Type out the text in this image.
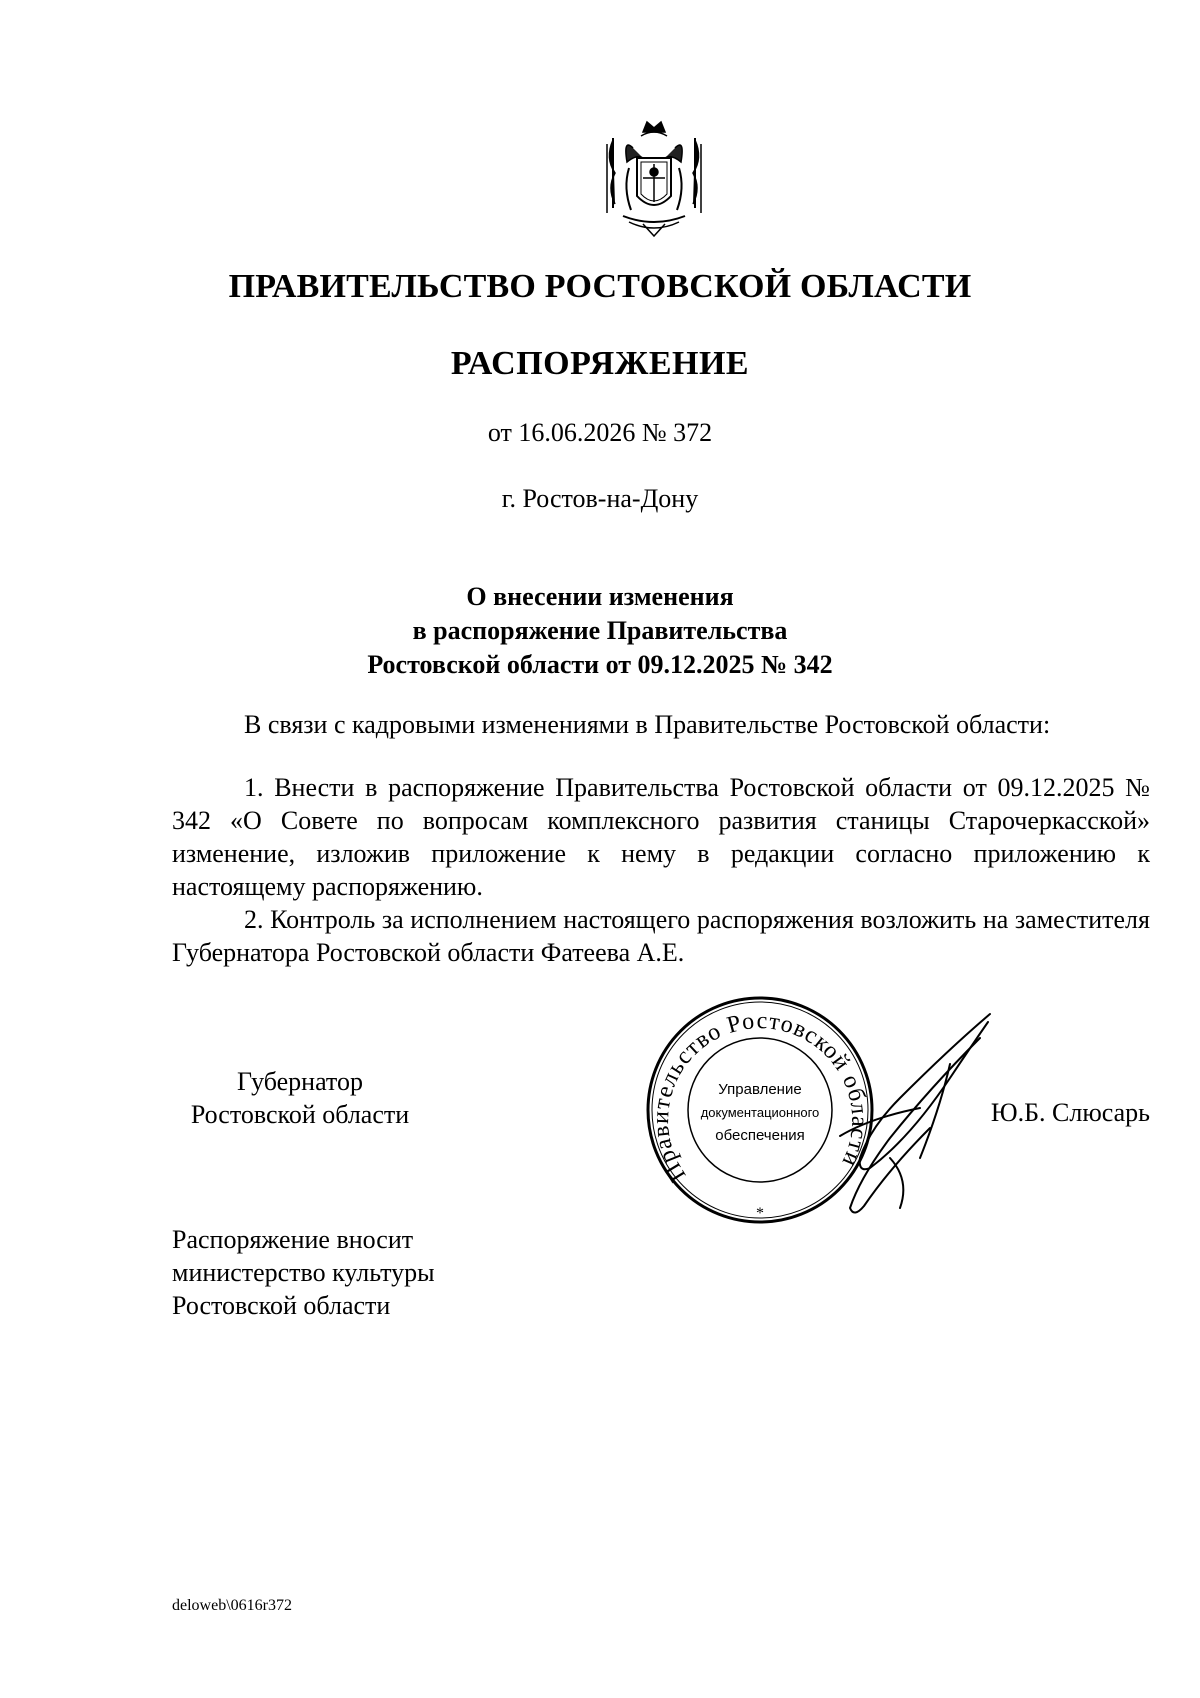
ПРАВИТЕЛЬСТВО РОСТОВСКОЙ ОБЛАСТИ
РАСПОРЯЖЕНИЕ
от 16.06.2026 № 372
г. Ростов-на-Дону
О внесении изменения
в распоряжение Правительства
Ростовской области от 09.12.2025 № 342
В связи с кадровыми изменениями в Правительстве Ростовской области:
1. Внести в распоряжение Правительства Ростовской области от 09.12.2025 № 342 «О Совете по вопросам комплексного развития станицы Старочеркасской» изменение, изложив приложение к нему в редакции согласно приложению к настоящему распоряжению.
2. Контроль за исполнением настоящего распоряжения возложить на заместителя Губернатора Ростовской области Фатеева А.Е.
Губернатор
Ростовской области
Правительство Ростовской области
*
Управление
документационного
обеспечения
Ю.Б. Слюсарь
Распоряжение вносит
министерство культуры
Ростовской области
deloweb\0616r372
